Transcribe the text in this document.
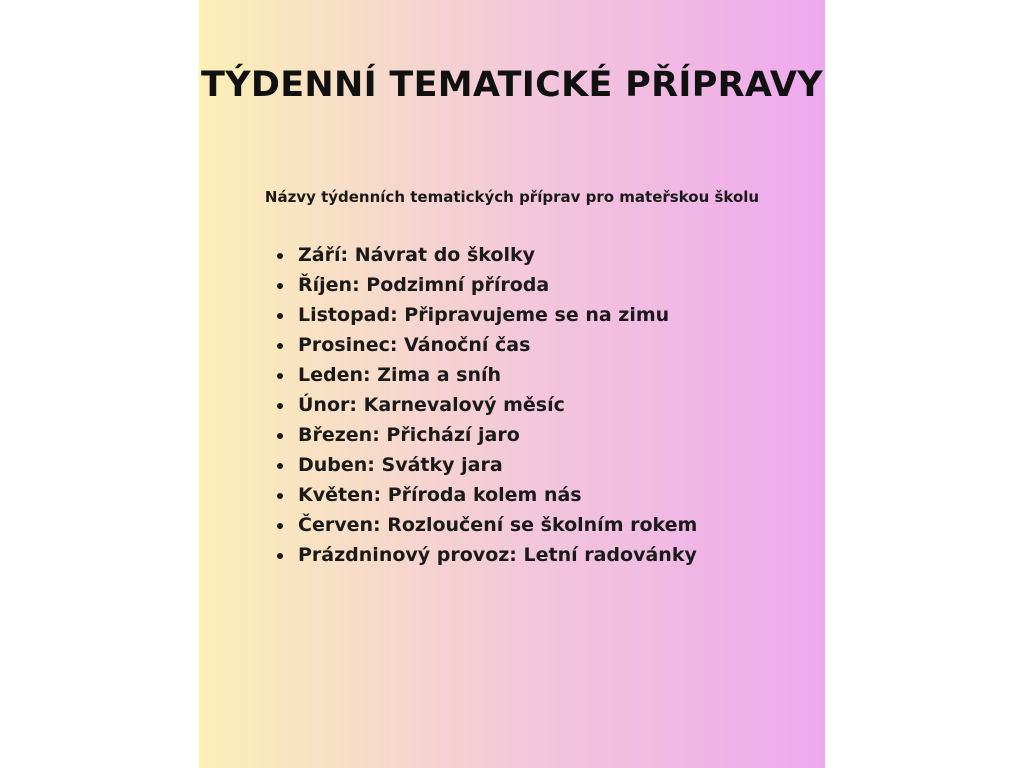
TÝDENNÍ TEMATICKÉ PŘÍPRAVY
Názvy týdenních tematických příprav pro mateřskou školu
Září: Návrat do školky
Říjen: Podzimní příroda
Listopad: Připravujeme se na zimu
Prosinec: Vánoční čas
Leden: Zima a sníh
Únor: Karnevalový měsíc
Březen: Přichází jaro
Duben: Svátky jara
Květen: Příroda kolem nás
Červen: Rozloučení se školním rokem
Prázdninový provoz: Letní radovánky
